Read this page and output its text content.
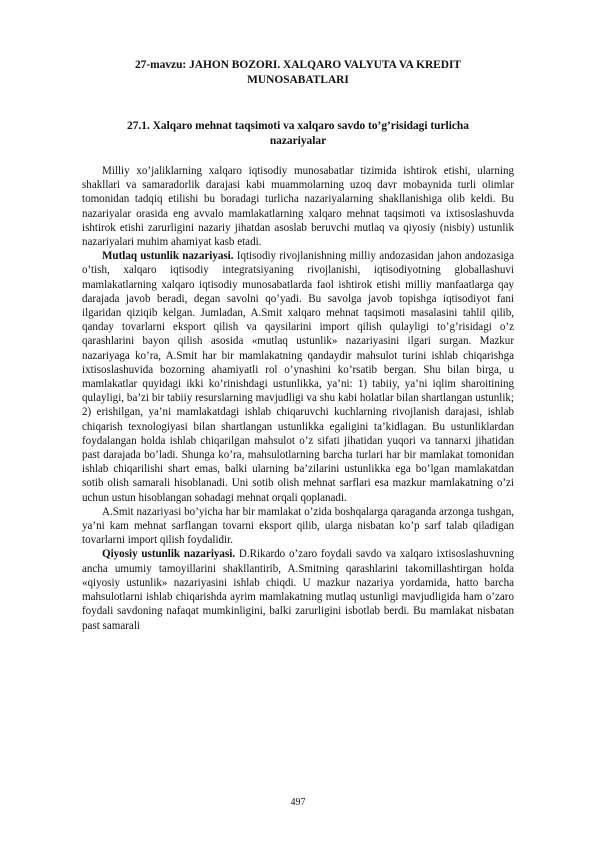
27-mavzu: JAHON BOZORI. XALQARO VALYUTA VA KREDIT MUNOSABATLARI
27.1. Xalqaro mehnat taqsimoti va xalqaro savdo to’g’risidagi turlicha nazariyalar

Milliy xo’jaliklarning xalqaro iqtisodiy munosabatlar tizimida ishtirok etishi, ularning shakllari va samaradorlik darajasi kabi muammolarning uzoq davr mobaynida turli olimlar tomonidan tadqiq etilishi bu boradagi turlicha nazariyalarning shakllanishiga olib keldi. Bu nazariyalar orasida eng avvalo mamlakatlarning xalqaro mehnat taqsimoti va ixtisoslashuvda ishtirok etishi zarurligini nazariy jihatdan asoslab beruvchi mutlaq va qiyosiy (nisbiy) ustunlik nazariyalari muhim ahamiyat kasb etadi.

Mutlaq ustunlik nazariyasi. Iqtisodiy rivojlanishning milliy andozasidan jahon andozasiga o’tish, xalqaro iqtisodiy integratsiyaning rivojlanishi, iqtisodiyotning globallashuvi mamlakatlarning xalqaro iqtisodiy munosabatlarda faol ishtirok etishi milliy manfaatlarga qay darajada javob beradi, degan savolni qo’yadi. Bu savolga javob topishga iqtisodiyot fani ilgaridan qiziqib kelgan. Jumladan, A.Smit xalqaro mehnat taqsimoti masalasini tahlil qilib, qanday tovarlarni eksport qilish va qaysilarini import qilish qulayligi to’g’risidagi o’z qarashlarini bayon qilish asosida «mutlaq ustunlik» nazariyasini ilgari surgan. Mazkur nazariyaga ko’ra, A.Smit har bir mamlakatning qandaydir mahsulot turini ishlab chiqarishga ixtisoslashuvida bozorning ahamiyatli rol o’ynashini ko’rsatib bergan. Shu bilan birga, u mamlakatlar quyidagi ikki ko’rinishdagi ustunlikka, ya’ni: 1) tabiiy, ya’ni iqlim sharoitining qulayligi, ba’zi bir tabiiy resurslarning mavjudligi va shu kabi holatlar bilan shartlangan ustunlik; 2) erishilgan, ya’ni mamlakatdagi ishlab chiqaruvchi kuchlarning rivojlanish darajasi, ishlab chiqarish texnologiyasi bilan shartlangan ustunlikka egaligini ta’kidlagan. Bu ustunliklardan foydalangan holda ishlab chiqarilgan mahsulot o’z sifati jihatidan yuqori va tannarxi jihatidan past darajada bo’ladi. Shunga ko’ra, mahsulotlarning barcha turlari har bir mamlakat tomonidan ishlab chiqarilishi shart emas, balki ularning ba’zilarini ustunlikka ega bo’lgan mamlakatdan sotib olish samarali hisoblanadi. Uni sotib olish mehnat sarflari esa mazkur mamlakatning o’zi uchun ustun hisoblangan sohadagi mehnat orqali qoplanadi.

A.Smit nazariyasi bo’yicha har bir mamlakat o’zida boshqalarga qaraganda arzonga tushgan, ya’ni kam mehnat sarflangan tovarni eksport qilib, ularga nisbatan ko’p sarf talab qiladigan tovarlarni import qilish foydalidir.

Qiyosiy ustunlik nazariyasi. D.Rikardo o’zaro foydali savdo va xalqaro ixtisoslashuvning ancha umumiy tamoyillarini shakllantirib, A.Smitning qarashlarini takomillashtirgan holda «qiyosiy ustunlik» nazariyasini ishlab chiqdi. U mazkur nazariya yordamida, hatto barcha mahsulotlarni ishlab chiqarishda ayrim mamlakatning mutlaq ustunligi mavjudligida ham o’zaro foydali savdoning nafaqat mumkinligini, balki zarurligini isbotlab berdi. Bu mamlakat nisbatan past samarali

497
